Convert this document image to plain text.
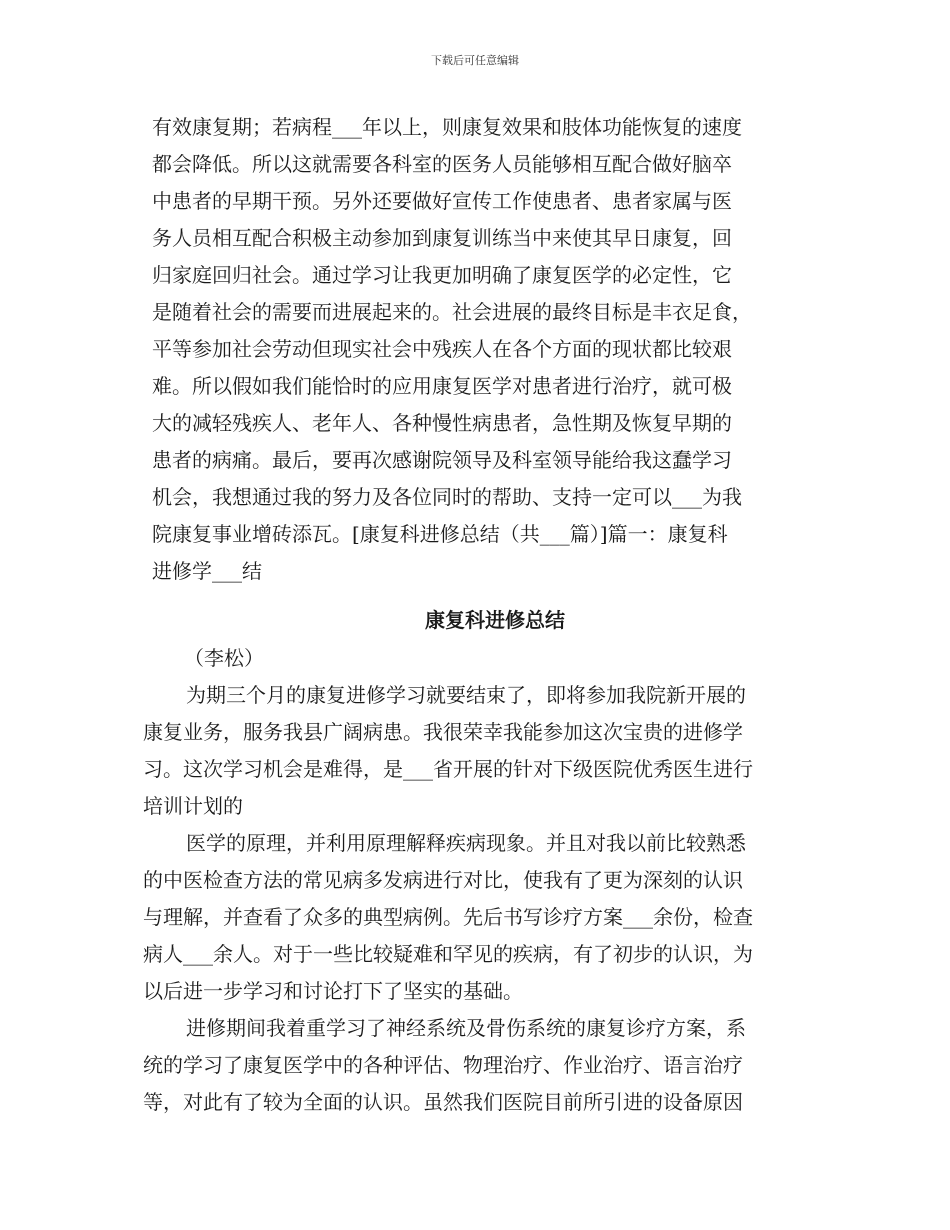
下载后可任意编辑
有效康复期；若病程___年以上，则康复效果和肢体功能恢复的速度
都会降低。所以这就需要各科室的医务人员能够相互配合做好脑卒
中患者的早期干预。另外还要做好宣传工作使患者、患者家属与医
务人员相互配合积极主动参加到康复训练当中来使其早日康复，回
归家庭回归社会。通过学习让我更加明确了康复医学的必定性，它
是随着社会的需要而进展起来的。社会进展的最终目标是丰衣足食，
平等参加社会劳动但现实社会中残疾人在各个方面的现状都比较艰
难。所以假如我们能恰时的应用康复医学对患者进行治疗，就可极
大的减轻残疾人、老年人、各种慢性病患者，急性期及恢复早期的
患者的病痛。最后，要再次感谢院领导及科室领导能给我这蠢学习
机会，我想通过我的努力及各位同时的帮助、支持一定可以___为我
院康复事业增砖添瓦。[康复科进修总结（共___篇）]篇一：康复科
进修学___结
康复科进修总结
（李松）
为期三个月的康复进修学习就要结束了，即将参加我院新开展的
康复业务，服务我县广阔病患。我很荣幸我能参加这次宝贵的进修学
习。这次学习机会是难得，是___省开展的针对下级医院优秀医生进行
培训计划的
医学的原理，并利用原理解释疾病现象。并且对我以前比较熟悉
的中医检查方法的常见病多发病进行对比，使我有了更为深刻的认识
与理解，并查看了众多的典型病例。先后书写诊疗方案___余份，检查
病人___余人。对于一些比较疑难和罕见的疾病，有了初步的认识，为
以后进一步学习和讨论打下了坚实的基础。
进修期间我着重学习了神经系统及骨伤系统的康复诊疗方案，系
统的学习了康复医学中的各种评估、物理治疗、作业治疗、语言治疗
等，对此有了较为全面的认识。虽然我们医院目前所引进的设备原因
